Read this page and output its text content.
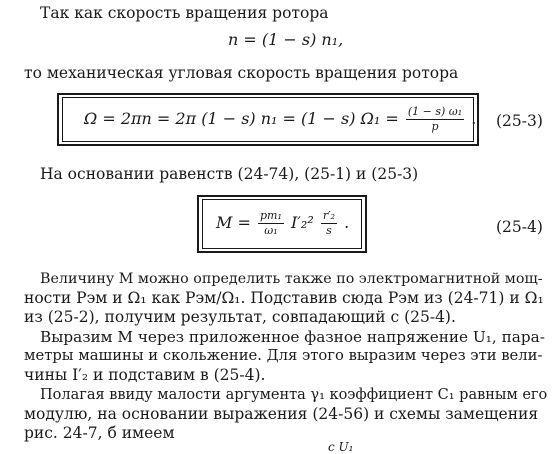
Так как скорость вращения ротора
n = (1 − s) n₁,
то механическая угловая скорость вращения ротора
Ω = 2πn = 2π (1 − s) n₁ = (1 − s) $\Omega_1 = \frac{\text{(1 − s) ω₁}}{p}$ . (25-3)
На основании равенств (24-74), (25-1) и (25-3)
$M = \frac{\text{pm₁}}{\text{ω₁}} I'_2^2 \frac{\text{r′₂}}{s}$ .	(25-4)
Величину M можно определить также по электромагнитной мощ-
ности Pэм и Ω₁ как Pэм/Ω₁. Подставив сюда Pэм из (24-71) и Ω₁
из (25-2), получим результат, совпадающий с (25-4).
Выразим M через приложенное фазное напряжение U₁, пара-
метры машины и скольжение. Для этого выразим через эти вели-
чины I′₂ и подставим в (25-4).
Полагая ввиду малости аргумента γ₁ коэффициент C₁ равным его
модулю, на основании выражения (24-56) и схемы замещения
рис. 24-7, б имеем
c U₁
